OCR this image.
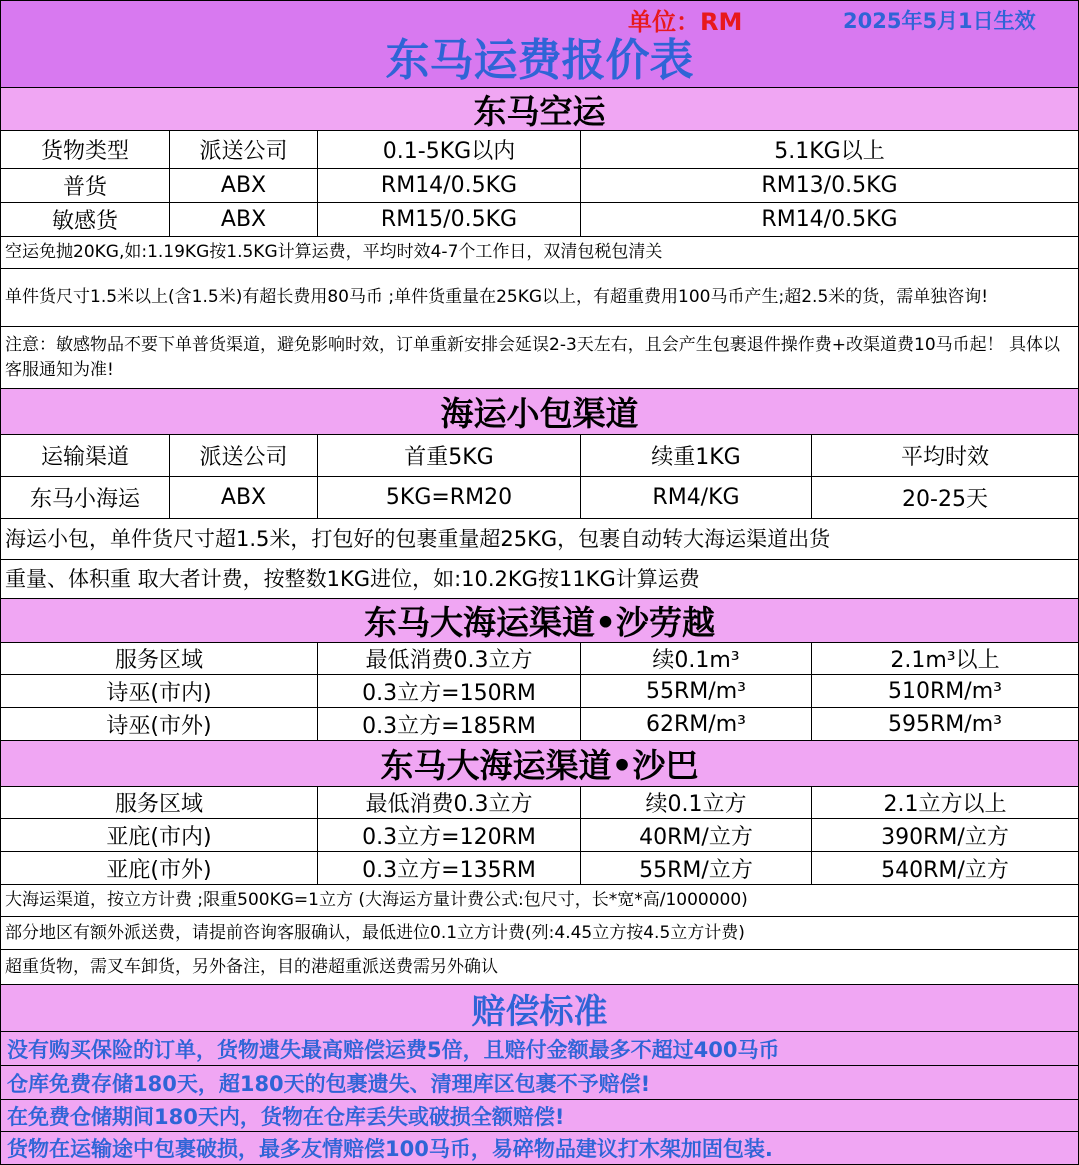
单位：RM	2025年5月1日生效
东马运费报价表
东马空运
货物类型	派送公司	0.1-5KG以内	5.1KG以上
普货	ABX	RM14/0.5KG	RM13/0.5KG
敏感货	ABX	RM15/0.5KG	RM14/0.5KG
空运免抛20KG,如:1.19KG按1.5KG计算运费，平均时效4-7个工作日，双清包税包清关
单件货尺寸1.5米以上(含1.5米)有超长费用80马币 ;单件货重量在25KG以上，有超重费用100马币产生;超2.5米的货，需单独咨询!
注意：敏感物品不要下单普货渠道，避免影响时效，订单重新安排会延误2-3天左右，且会产生包裹退件操作费+改渠道费10马币起！ 具体以客服通知为准!
海运小包渠道
运输渠道	派送公司	首重5KG	续重1KG	平均时效
东马小海运	ABX	5KG=RM20	RM4/KG	20-25天
海运小包，单件货尺寸超1.5米，打包好的包裹重量超25KG，包裹自动转大海运渠道出货
重量、体积重 取大者计费，按整数1KG进位，如:10.2KG按11KG计算运费
东马大海运渠道•沙劳越
服务区域	最低消费0.3立方	续0.1m³	2.1m³以上
诗巫(市内)	0.3立方=150RM	55RM/m³	510RM/m³
诗巫(市外)	0.3立方=185RM	62RM/m³	595RM/m³
东马大海运渠道•沙巴
服务区域	最低消费0.3立方	续0.1立方	2.1立方以上
亚庇(市内)	0.3立方=120RM	40RM/立方	390RM/立方
亚庇(市外)	0.3立方=135RM	55RM/立方	540RM/立方
大海运渠道，按立方计费 ;限重500KG=1立方 (大海运方量计费公式:包尺寸，长*宽*高/1000000)
部分地区有额外派送费，请提前咨询客服确认，最低进位0.1立方计费(列:4.45立方按4.5立方计费)
超重货物，需叉车卸货，另外备注，目的港超重派送费需另外确认
赔偿标准
没有购买保险的订单，货物遗失最高赔偿运费5倍，且赔付金额最多不超过400马币
仓库免费存储180天，超180天的包裹遗失、清理库区包裹不予赔偿!
在免费仓储期间180天内，货物在仓库丢失或破损全额赔偿!
货物在运输途中包裹破损，最多友情赔偿100马币，易碎物品建议打木架加固包装.
